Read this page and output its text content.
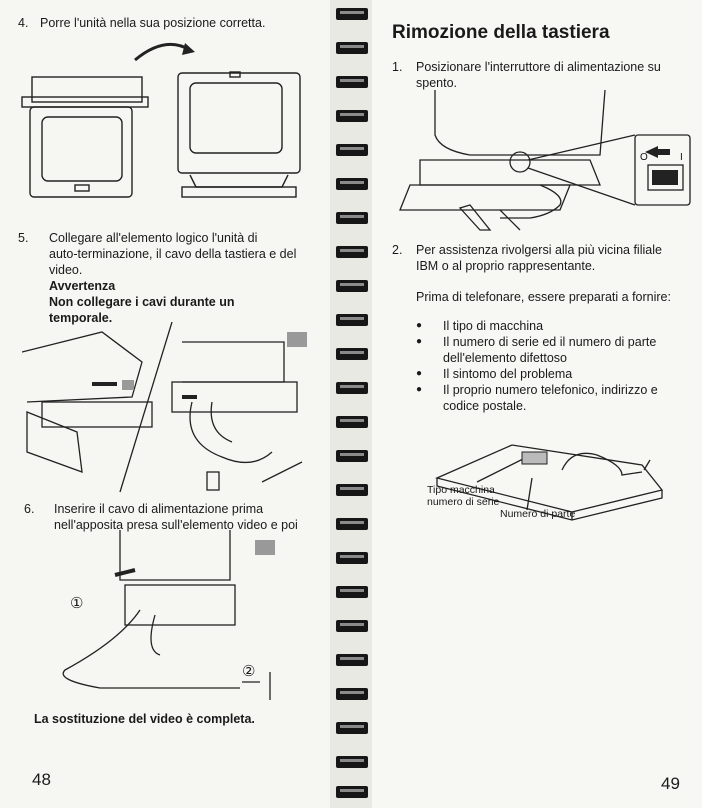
4. Porre l'unità nella sua posizione corretta.
5. Collegare all'elemento logico l'unità di
auto-terminazione, il cavo della tastiera e del
video.
Avvertenza
Non collegare i cavi durante un
temporale.
6. Inserire il cavo di alimentazione prima
nell'apposita presa sull'elemento video e poi
①
②
La sostituzione del video è completa.
48
Rimozione della tastiera
1. Posizionare l'interruttore di alimentazione su
spento.
O	I
2. Per assistenza rivolgersi alla più vicina filiale
IBM o al proprio rappresentante.
Prima di telefonare, essere preparati a fornire:
● Il tipo di macchina
● Il numero di serie ed il numero di parte
dell'elemento difettoso
● Il sintomo del problema
● Il proprio numero telefonico, indirizzo e
codice postale.
Tipo macchina
numero di serie
Numero di parte
49
